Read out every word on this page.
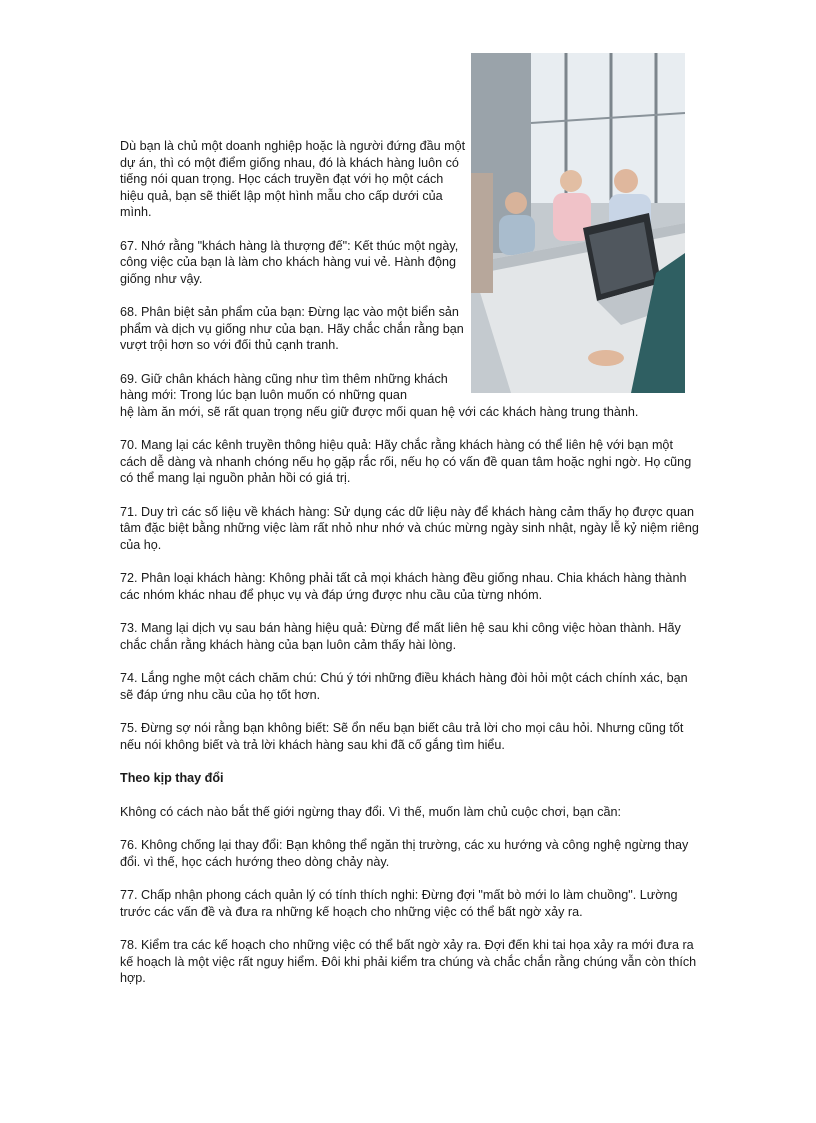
Dù bạn là chủ một doanh nghiệp hoặc là người đứng đầu một dự án, thì có một điểm giống nhau, đó là khách hàng luôn có tiếng nói quan trọng. Học cách truyền đạt với họ một cách hiệu quả, bạn sẽ thiết lập một hình mẫu cho cấp dưới của mình.

67. Nhớ rằng "khách hàng là thượng đế": Kết thúc một ngày, công việc của bạn là làm cho khách hàng vui vẻ. Hành động giống như vậy.

68. Phân biệt sản phẩm của bạn: Đừng lạc vào một biển sản phẩm và dịch vụ giống như của bạn. Hãy chắc chắn rằng bạn vượt trội hơn so với đối thủ cạnh tranh.

69. Giữ chân khách hàng cũng như tìm thêm những khách hàng mới: Trong lúc bạn luôn muốn có những quan
hệ làm ăn mới, sẽ rất quan trọng nếu giữ được mối quan hệ với các khách hàng trung thành.

70. Mang lại các kênh truyền thông hiệu quả: Hãy chắc rằng khách hàng có thể liên hệ với bạn một cách dễ dàng và nhanh chóng nếu họ gặp rắc rối, nếu họ có vấn đề quan tâm hoặc nghi ngờ. Họ cũng có thể mang lại nguồn phản hồi có giá trị.

71. Duy trì các số liệu về khách hàng: Sử dụng các dữ liệu này để khách hàng cảm thấy họ được quan tâm đặc biệt bằng những việc làm rất nhỏ như nhớ và chúc mừng ngày sinh nhật, ngày lễ kỷ niệm riêng của họ.

72. Phân loại khách hàng: Không phải tất cả mọi khách hàng đều giống nhau. Chia khách hàng thành các nhóm khác nhau để phục vụ và đáp ứng được nhu cầu của từng nhóm.

73. Mang lại dịch vụ sau bán hàng hiệu quả: Đừng để mất liên hệ sau khi công việc hòan thành. Hãy chắc chắn rằng khách hàng của bạn luôn cảm thấy hài lòng.

74. Lắng nghe một cách chăm chú: Chú ý tới những điều khách hàng đòi hỏi một cách chính xác, bạn sẽ đáp ứng nhu cầu của họ tốt hơn.

75. Đừng sợ nói rằng bạn không biết: Sẽ ổn nếu bạn biết câu trả lời cho mọi câu hỏi. Nhưng cũng tốt nếu nói không biết và trả lời khách hàng sau khi đã cố gắng tìm hiểu.

Theo kịp thay đổi

Không có cách nào bắt thế giới ngừng thay đổi. Vì thế, muốn làm chủ cuộc chơi, bạn cần:

76. Không chống lại thay đổi: Bạn không thể ngăn thị trường, các xu hướng và công nghệ ngừng thay đổi. vì thế, học cách hướng theo dòng chảy này.

77. Chấp nhận phong cách quản lý có tính thích nghi: Đừng đợi "mất bò mới lo làm chuồng". Lường trước các vấn đề và đưa ra những kế hoạch cho những việc có thể bất ngờ xảy ra.

78. Kiểm tra các kế hoạch cho những việc có thể bất ngờ xảy ra. Đợi đến khi tai họa xảy ra mới đưa ra kế hoạch là một việc rất nguy hiểm. Đôi khi phải kiểm tra chúng và chắc chắn rằng chúng vẫn còn thích hợp.
